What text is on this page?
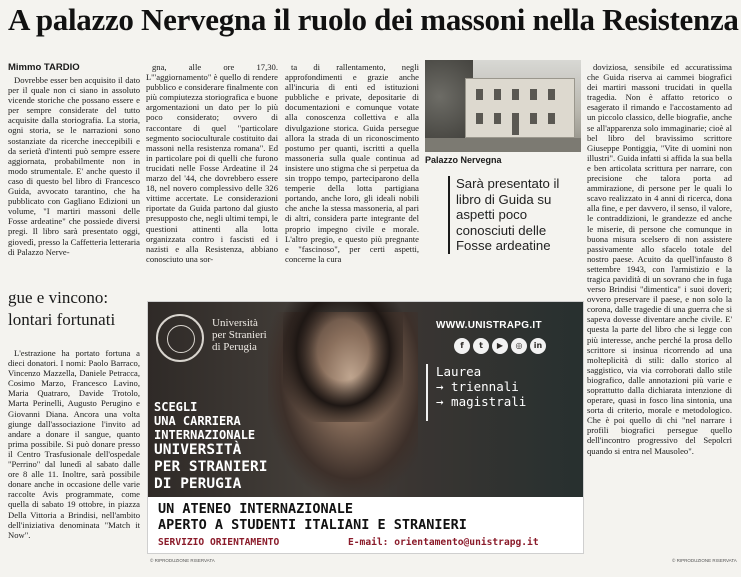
A palazzo Nervegna il ruolo dei massoni nella Resistenza
Mimmo TARDIO

Dovrebbe esser ben acquisito il dato per il quale non ci siano in assoluto vicende storiche che possano essere e per sempre considerate del tutto acquisite dalla storiografia. La storia, ogni storia, se le narrazioni sono sostanziate da ricerche ineccepibili e da serietà d'intenti può sempre essere aggiornata, probabilmente non in modo strumentale. E' anche questo il caso di questo bel libro di Francesco Guida, avvocato tarantino, che ha pubblicato con Gagliano Edizioni un volume, "I martiri massoni delle Fosse ardeatine" che possiede diversi pregi. Il libro sarà presentato oggi, giovedì, presso la Caffetteria letteraria di Palazzo Nerve-

gna, alle ore 17,30. L'"aggiornamento" è quello di rendere pubblico e considerare finalmente con più compiutezza storiografica e buone argomentazioni un dato per lo più poco considerato; ovvero di raccontare di quel "particolare segmento socioculturale costituito dai massoni nella resistenza romana". Ed in particolare poi di quelli che furono trucidati nelle Fosse Ardeatine il 24 marzo del '44, che dovrebbero essere 18, nel novero complessivo delle 326 vittime accertate. Le considerazioni riportate da Guida partono dal giusto presupposto che, negli ultimi tempi, le questioni attinenti alla lotta organizzata contro i fascisti ed i nazisti e alla Resistenza, abbiano conosciuto una sor-

ta di rallentamento, negli approfondimenti e grazie anche all'incuria di enti ed istituzioni pubbliche e private, depositarie di documentazioni e comunque votate alla conoscenza collettiva e alla divulgazione storica. Guida persegue allora la strada di un riconoscimento postumo per quanti, iscritti a quella massoneria sulla quale continua ad insistere uno stigma che si perpetua da sin troppo tempo, parteciparono della temperie della lotta partigiana portando, anche loro, gli ideali nobili che anche la stessa massoneria, al pari di altri, considera parte integrante del proprio impegno civile e morale. L'altro pregio, e questo più pregnante e "fascinoso", per certi aspetti, concerne la cura

Palazzo Nervegna
Sarà presentato il libro di Guida su aspetti poco conosciuti delle Fosse ardeatine

doviziosa, sensibile ed accuratissima che Guida riserva ai cammei biografici dei martiri massoni trucidati in quella tragedia. Non è affatto retorico o esagerato il rimando e l'accostamento ad un piccolo classico, delle biografie, anche se all'apparenza solo immaginarie; cioè al bel libro del bravissimo scrittore Giuseppe Pontiggia, "Vite di uomini non illustri". Guida infatti si affida la sua bella e ben articolata scrittura per narrare, con precisione che talora porta ad ammirazione, di persone per le quali lo scavo realizzato in 4 anni di ricerca, dona alla fine, e per davvero, il senso, il valore, le contraddizioni, le grandezze ed anche le miserie, di persone che comunque in buona misura scelsero di non assistere passivamente allo sfacelo totale del nostro paese. Acuito da quell'infausto 8 settembre 1943, con l'armistizio e la tragica pavidità di un sovrano che in fuga verso Brindisi "dimentica" i suoi doveri; ovvero preservare il paese, e non solo la corona, dalle tragedie di una guerra che si sapeva dovesse diventare anche civile. E' questa la parte del libro che si legge con più interesse, anche perché la prosa dello scrittore si insinua ricorrendo ad una molteplicità di stili: dallo storico al saggistico, via via corroborati dallo stile biografico, dalle annotazioni più varie e soprattutto dalla dichiarata intenzione di operare, quasi in fosco lina sintonia, una sorta di criterio, morale e metodologico. Che è poi quello di chi "nel narrare i profili biografici persegue quello dell'incontro progressivo del Sepolcri quando si entra nel Mausoleo".

gue e vincono:
lontari fortunati

L'estrazione ha portato fortuna a dieci donatori. I nomi: Paolo Barraco, Vincenzo Mazzella, Daniele Petracca, Cosimo Marzo, Francesco Lavino, Maria Quatraro, Davide Trotolo, Marta Perinelli, Augusto Perugino e Giovanni Diana. Ancora una volta giunge dall'associazione l'invito ad andare a donare il sangue, quanto prima possibile. Si può donare presso il Centro Trasfusionale dell'ospedale "Perrino" dal lunedì al sabato dalle ore 8 alle 11. Inoltre, sarà possibile donare anche in occasione delle varie raccolte Avis programmate, come quella di sabato 19 ottobre, in piazza Della Vittoria a Brindisi, nell'ambito dell'iniziativa denominata "Match it Now".

Università
per Stranieri
di Perugia
WWW.UNISTRAPG.IT
f	t	▶	◎	in
Laurea
→ triennali
→ magistrali
SCEGLI
UNA CARRIERA
INTERNAZIONALE
UNIVERSITÀ
PER STRANIERI
DI PERUGIA
UN ATENEO INTERNAZIONALE
APERTO A STUDENTI ITALIANI E STRANIERI
SERVIZIO ORIENTAMENTO	E-mail: orientamento@unistrapg.it
© RIPRODUZIONE RISERVATA	© RIPRODUZIONE RISERVATA
